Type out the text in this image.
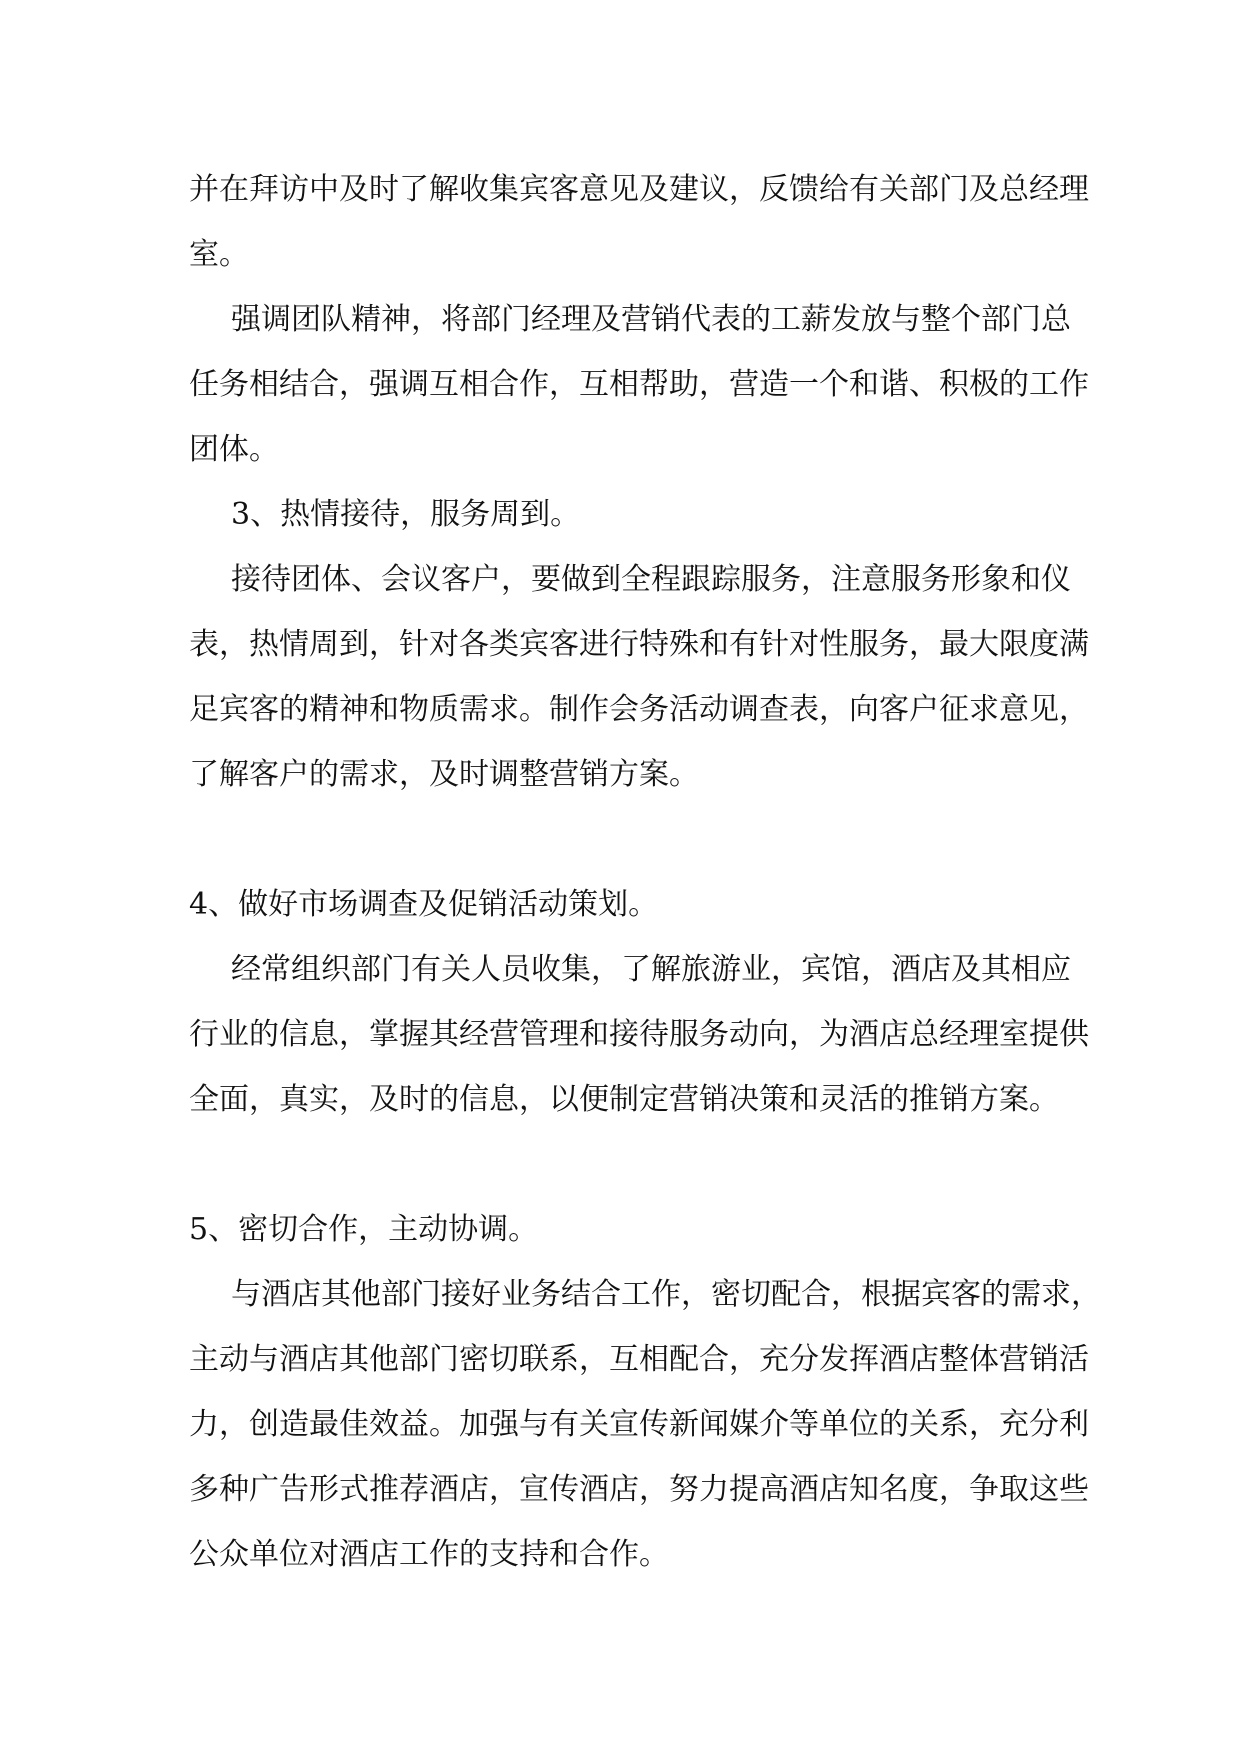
并在拜访中及时了解收集宾客意见及建议，反馈给有关部门及总经理
室。
强调团队精神，将部门经理及营销代表的工薪发放与整个部门总
任务相结合，强调互相合作，互相帮助，营造一个和谐、积极的工作
团体。
3、热情接待，服务周到。
接待团体、会议客户，要做到全程跟踪服务，注意服务形象和仪
表，热情周到，针对各类宾客进行特殊和有针对性服务，最大限度满
足宾客的精神和物质需求。制作会务活动调查表，向客户征求意见，
了解客户的需求，及时调整营销方案。
4、做好市场调查及促销活动策划。
经常组织部门有关人员收集，了解旅游业，宾馆，酒店及其相应
行业的信息，掌握其经营管理和接待服务动向，为酒店总经理室提供
全面，真实，及时的信息，以便制定营销决策和灵活的推销方案。
5、密切合作，主动协调。
与酒店其他部门接好业务结合工作，密切配合，根据宾客的需求，
主动与酒店其他部门密切联系，互相配合，充分发挥酒店整体营销活
力，创造最佳效益。加强与有关宣传新闻媒介等单位的关系，充分利
多种广告形式推荐酒店，宣传酒店，努力提高酒店知名度，争取这些
公众单位对酒店工作的支持和合作。
